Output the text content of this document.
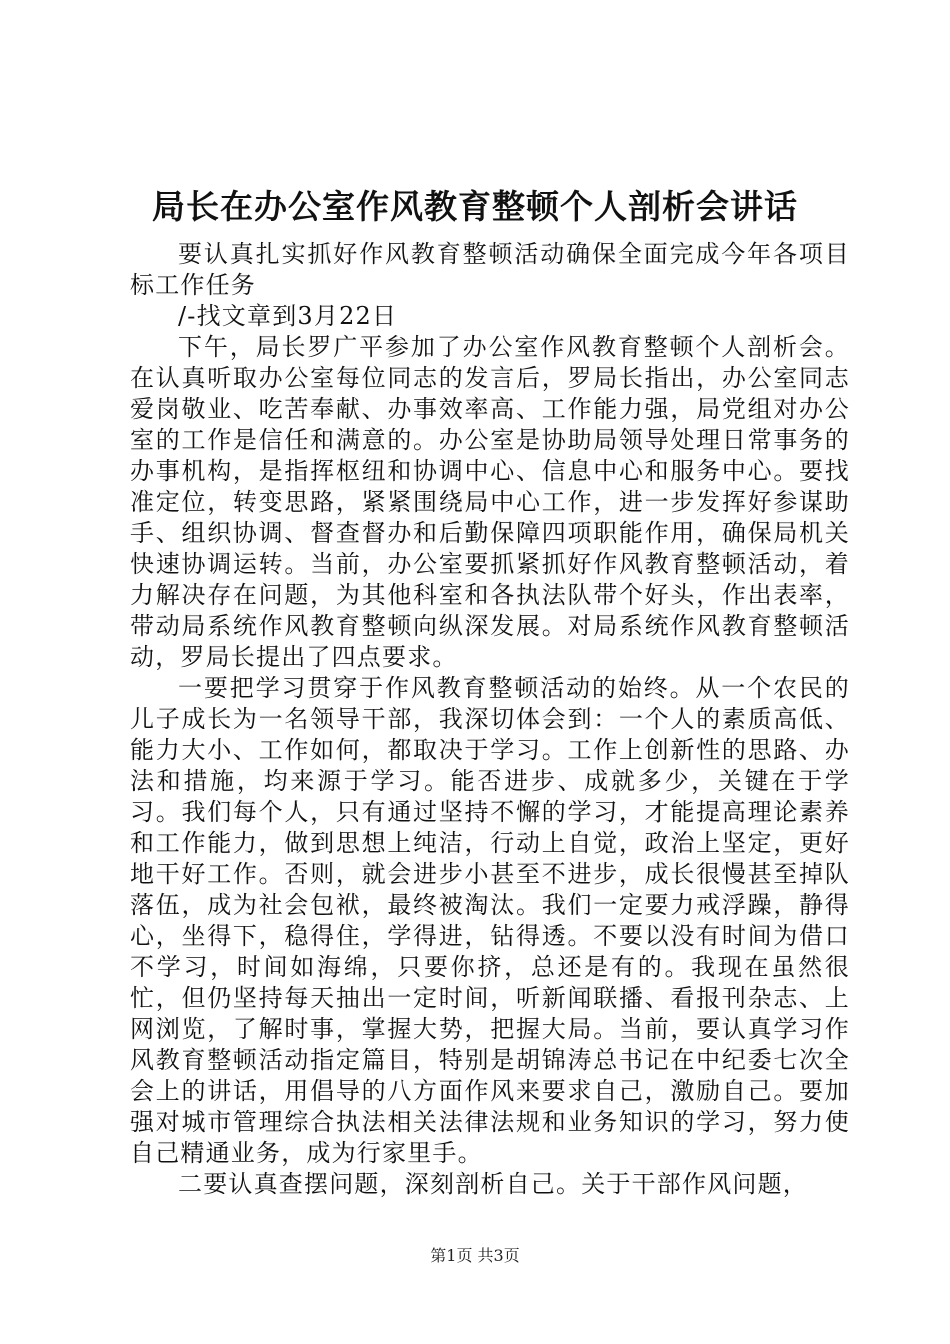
局长在办公室作风教育整顿个人剖析会讲话

要认真扎实抓好作风教育整顿活动确保全面完成今年各项目标工作任务

/-找文章到3月22日

下午，局长罗广平参加了办公室作风教育整顿个人剖析会。在认真听取办公室每位同志的发言后，罗局长指出，办公室同志爱岗敬业、吃苦奉献、办事效率高、工作能力强，局党组对办公室的工作是信任和满意的。办公室是协助局领导处理日常事务的办事机构，是指挥枢纽和协调中心、信息中心和服务中心。要找准定位，转变思路，紧紧围绕局中心工作，进一步发挥好参谋助手、组织协调、督查督办和后勤保障四项职能作用，确保局机关快速协调运转。当前，办公室要抓紧抓好作风教育整顿活动，着力解决存在问题，为其他科室和各执法队带个好头，作出表率，带动局系统作风教育整顿向纵深发展。对局系统作风教育整顿活动，罗局长提出了四点要求。

一要把学习贯穿于作风教育整顿活动的始终。从一个农民的儿子成长为一名领导干部，我深切体会到：一个人的素质高低、能力大小、工作如何，都取决于学习。工作上创新性的思路、办法和措施，均来源于学习。能否进步、成就多少，关键在于学习。我们每个人，只有通过坚持不懈的学习，才能提高理论素养和工作能力，做到思想上纯洁，行动上自觉，政治上坚定，更好地干好工作。否则，就会进步小甚至不进步，成长很慢甚至掉队落伍，成为社会包袱，最终被淘汰。我们一定要力戒浮躁，静得心，坐得下，稳得住，学得进，钻得透。不要以没有时间为借口不学习，时间如海绵，只要你挤，总还是有的。我现在虽然很忙，但仍坚持每天抽出一定时间，听新闻联播、看报刊杂志、上网浏览，了解时事，掌握大势，把握大局。当前，要认真学习作风教育整顿活动指定篇目，特别是胡锦涛总书记在中纪委七次全会上的讲话，用倡导的八方面作风来要求自己，激励自己。要加强对城市管理综合执法相关法律法规和业务知识的学习，努力使自己精通业务，成为行家里手。

二要认真查摆问题，深刻剖析自己。关于干部作风问题，

第1页 共3页
